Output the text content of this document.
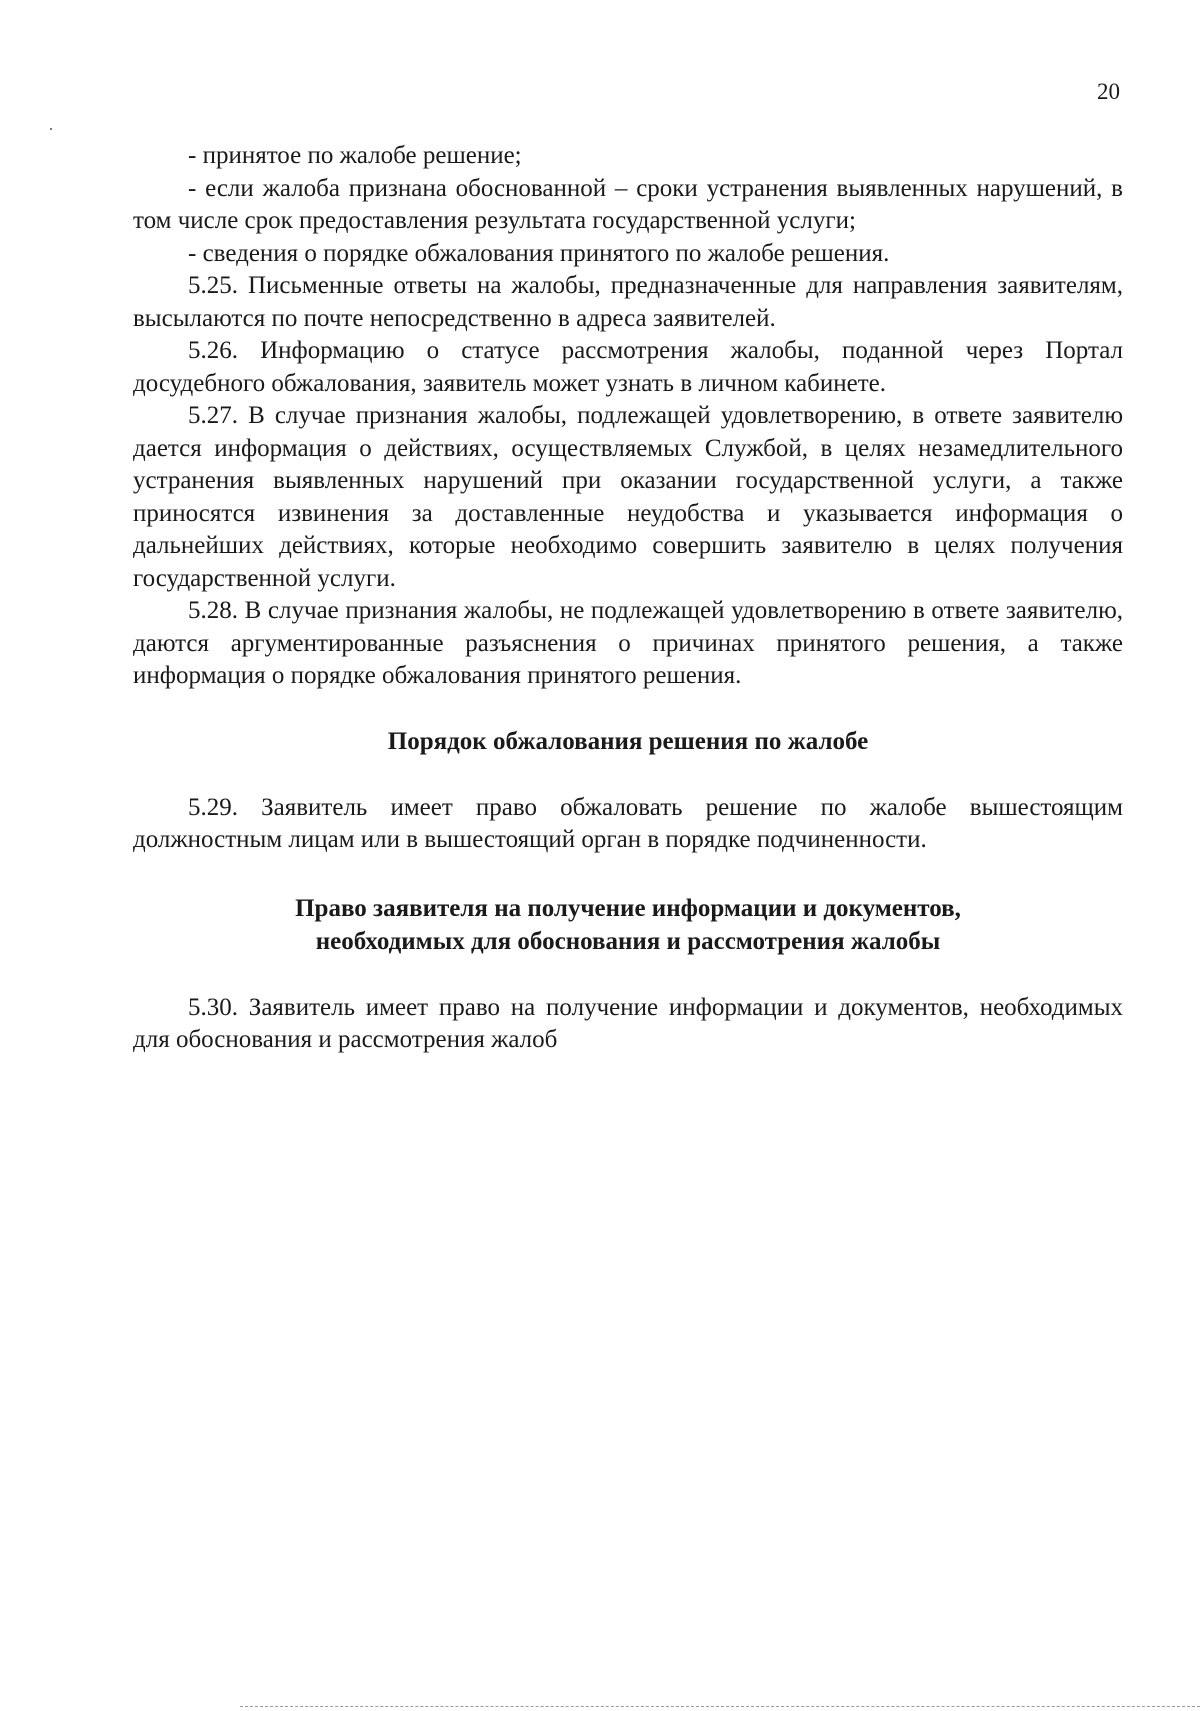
20

- принятое по жалобе решение;

- если жалоба признана обоснованной – сроки устранения выявленных нарушений, в том числе срок предоставления результата государственной услуги;

- сведения о порядке обжалования принятого по жалобе решения.

5.25. Письменные ответы на жалобы, предназначенные для направления заявителям, высылаются по почте непосредственно в адреса заявителей.

5.26. Информацию о статусе рассмотрения жалобы, поданной через Портал досудебного обжалования, заявитель может узнать в личном кабинете.

5.27. В случае признания жалобы, подлежащей удовлетворению, в ответе заявителю дается информация о действиях, осуществляемых Службой, в целях незамедлительного устранения выявленных нарушений при оказании государственной услуги, а также приносятся извинения за доставленные неудобства и указывается информация о дальнейших действиях, которые необходимо совершить заявителю в целях получения государственной услуги.

5.28. В случае признания жалобы, не подлежащей удовлетворению в ответе заявителю, даются аргументированные разъяснения о причинах принятого решения, а также информация о порядке обжалования принятого решения.

Порядок обжалования решения по жалобе

5.29. Заявитель имеет право обжаловать решение по жалобе вышестоящим должностным лицам или в вышестоящий орган в порядке подчиненности.

Право заявителя на получение информации и документов,
необходимых для обоснования и рассмотрения жалобы

5.30. Заявитель имеет право на получение информации и документов, необходимых для обоснования и рассмотрения жалоб
